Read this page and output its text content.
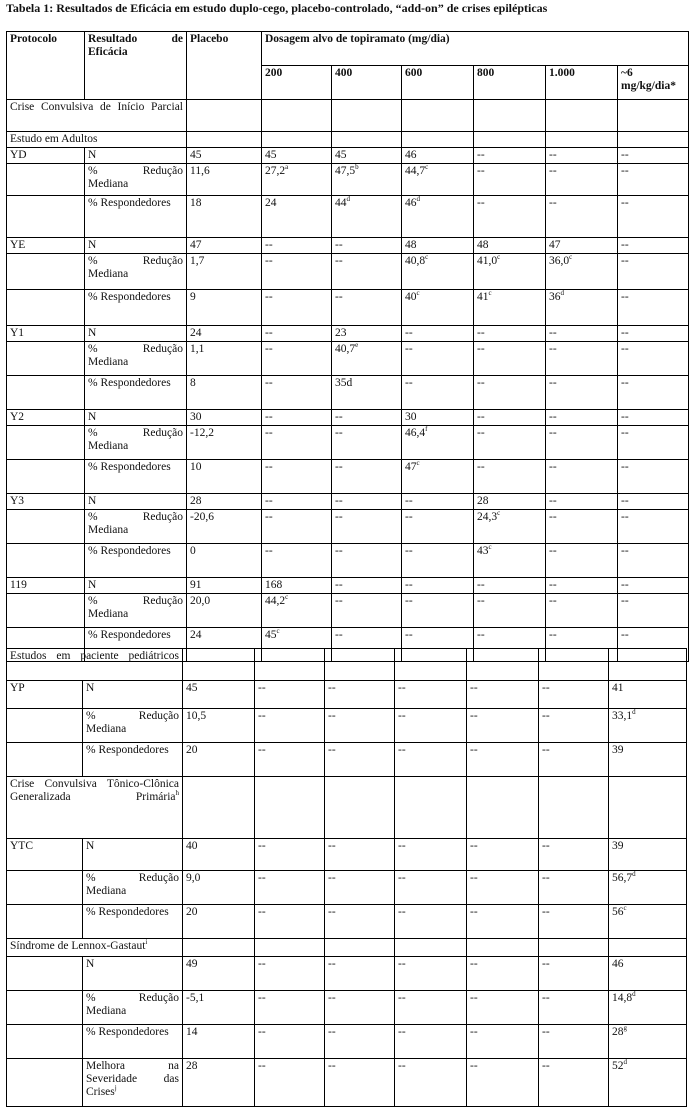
Tabela 1: Resultados de Eficácia em estudo duplo-cego, placebo-controlado, “add-on” de crises epilépticas
Protocolo	Resultado de Eficácia	Placebo	Dosagem alvo de topiramato (mg/dia)					
			200	400	600	800	1.000	~6 mg/kg/dia*
Crise Convulsiva de Início Parcial								
Estudo em Adultos								
YD	N	45	45	45	46	--	--	--
	% Redução Mediana	11,6	27,2$^a$	47,5$^b$	44,7$^c$	--	--	--
	% Respondedores	18	24	44$^d$	46$^d$	--	--	--
YE	N	47	--	--	48	48	47	--
	% Redução Mediana	1,7	--	--	40,8$^c$	41,0$^c$	36,0$^c$	--
	% Respondedores	9	--	--	40$^c$	41$^c$	36$^d$	--
Y1	N	24	--	23	--	--	--	--
	% Redução Mediana	1,1	--	40,7e	--	--	--	--
	% Respondedores	8	--	35d	--	--	--	--
Y2	N	30	--	--	30	--	--	--
	% Redução Mediana	-12,2	--	--	46,4$^f$	--	--	--
	% Respondedores	10	--	--	47$^c$	--	--	--
Y3	N	28	--	--	--	28	--	--
	% Redução Mediana	-20,6	--	--	--	24,3$^c$	--	--
	% Respondedores	0	--	--	--	43$^c$	--	--
119	N	91	168	--	--	--	--	--
	% Redução Mediana	20,0	44,2$^c$	--	--	--	--	--
	% Respondedores	24	45$^c$	--	--	--	--	--
Estudos em paciente pediátricos								
YP	N	45	--	--	--	--	--	41
	% Redução Mediana	10,5	--	--	--	--	--	33,1$^d$
	% Respondedores	20	--	--	--	--	--	39
Crise Convulsiva Tônico-Clônica Generalizada Primária$^h$							
YTC	N	40	--	--	--	--	--	39
	% Redução Mediana	9,0	--	--	--	--	--	56,7$^d$
	% Respondedores	20	--	--	--	--	--	56$^c$
Síndrome de Lennox-Gastaut$^i$							
	N	49	--	--	--	--	--	46
	% Redução Mediana	-5,1	--	--	--	--	--	14,8$^d$
	% Respondedores	14	--	--	--	--	--	28$^g$
	Melhora na Severidade das Crises$^j$	28	--	--	--	--	--	52$^d$
